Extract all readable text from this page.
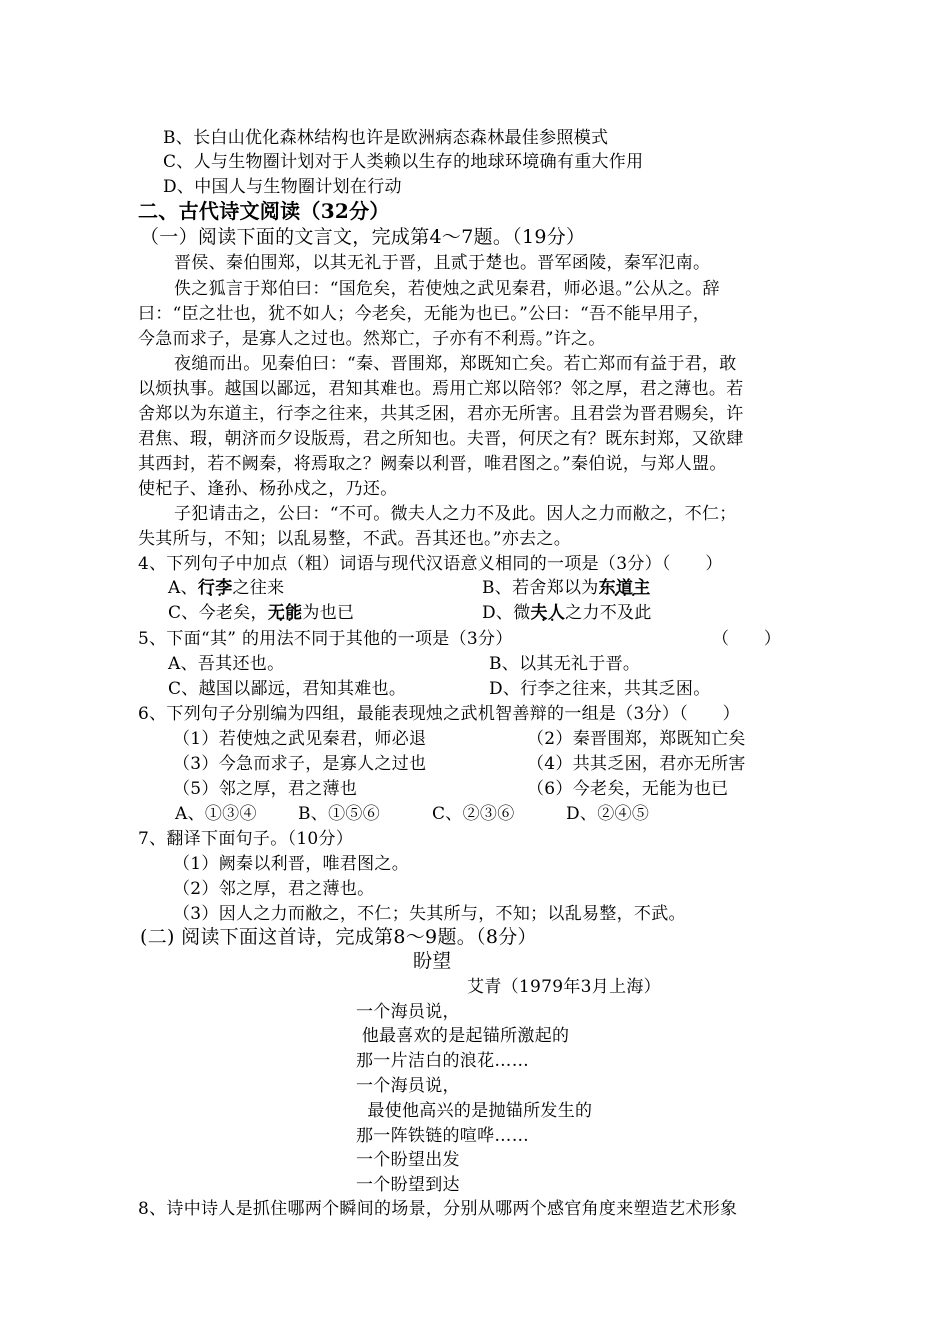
B、长白山优化森林结构也许是欧洲病态森林最佳参照模式
C、人与生物圈计划对于人类赖以生存的地球环境确有重大作用
D、中国人与生物圈计划在行动
二、古代诗文阅读（32分）
（一）阅读下面的文言文，完成第4～7题。（19分）
晋侯、秦伯围郑，以其无礼于晋，且贰于楚也。晋军函陵，秦军氾南。
佚之狐言于郑伯曰：“国危矣，若使烛之武见秦君，师必退。”公从之。辞
曰：“臣之壮也，犹不如人；今老矣，无能为也已。”公曰：“吾不能早用子，
今急而求子，是寡人之过也。然郑亡，子亦有不利焉。”许之。
夜缒而出。见秦伯曰：“秦、晋围郑，郑既知亡矣。若亡郑而有益于君，敢
以烦执事。越国以鄙远，君知其难也。焉用亡郑以陪邻？邻之厚，君之薄也。若
舍郑以为东道主，行李之往来，共其乏困，君亦无所害。且君尝为晋君赐矣，许
君焦、瑕，朝济而夕设版焉，君之所知也。夫晋，何厌之有？既东封郑，又欲肆
其西封，若不阙秦，将焉取之？阙秦以利晋，唯君图之。”秦伯说，与郑人盟。
使杞子、逢孙、杨孙戍之，乃还。
子犯请击之，公曰：“不可。微夫人之力不及此。因人之力而敝之，不仁；
失其所与，不知；以乱易整，不武。吾其还也。”亦去之。
4、下列句子中加点（粗）词语与现代汉语意义相同的一项是（3分）（　　）
A、行李 • •之往来	B、若舍郑以为东道主 • • •
C、今老矣，无能 • •为也已	D、微夫人 • •之力不及此
5、下面“其” 的用法不同于其他的一项是（3分）	（　　）
A、吾其还也。	B、以其无礼于晋。
C、越国以鄙远，君知其难也。	D、行李之往来，共其乏困。
6、下列句子分别编为四组，最能表现烛之武机智善辩的一组是（3分）（　　）
（1）若使烛之武见秦君，师必退	（2）秦晋围郑，郑既知亡矣
（3）今急而求子，是寡人之过也	（4）共其乏困，君亦无所害
（5）邻之厚，君之薄也	（6）今老矣，无能为也已
A、①③④ B、①⑤⑥	C、②③⑥	D、②④⑤
7、翻译下面句子。（10分）
（1）阙秦以利晋，唯君图之。
（2）邻之厚，君之薄也。
（3）因人之力而敝之，不仁；失其所与，不知；以乱易整，不武。
(二) 阅读下面这首诗，完成第8～9题。（8分）
盼望
艾青（1979年3月上海）
一个海员说，
他最喜欢的是起锚所激起的
那一片洁白的浪花……
一个海员说，
最使他高兴的是抛锚所发生的
那一阵铁链的喧哗……
一个盼望出发
一个盼望到达
8、诗中诗人是抓住哪两个瞬间的场景，分别从哪两个感官角度来塑造艺术形象
